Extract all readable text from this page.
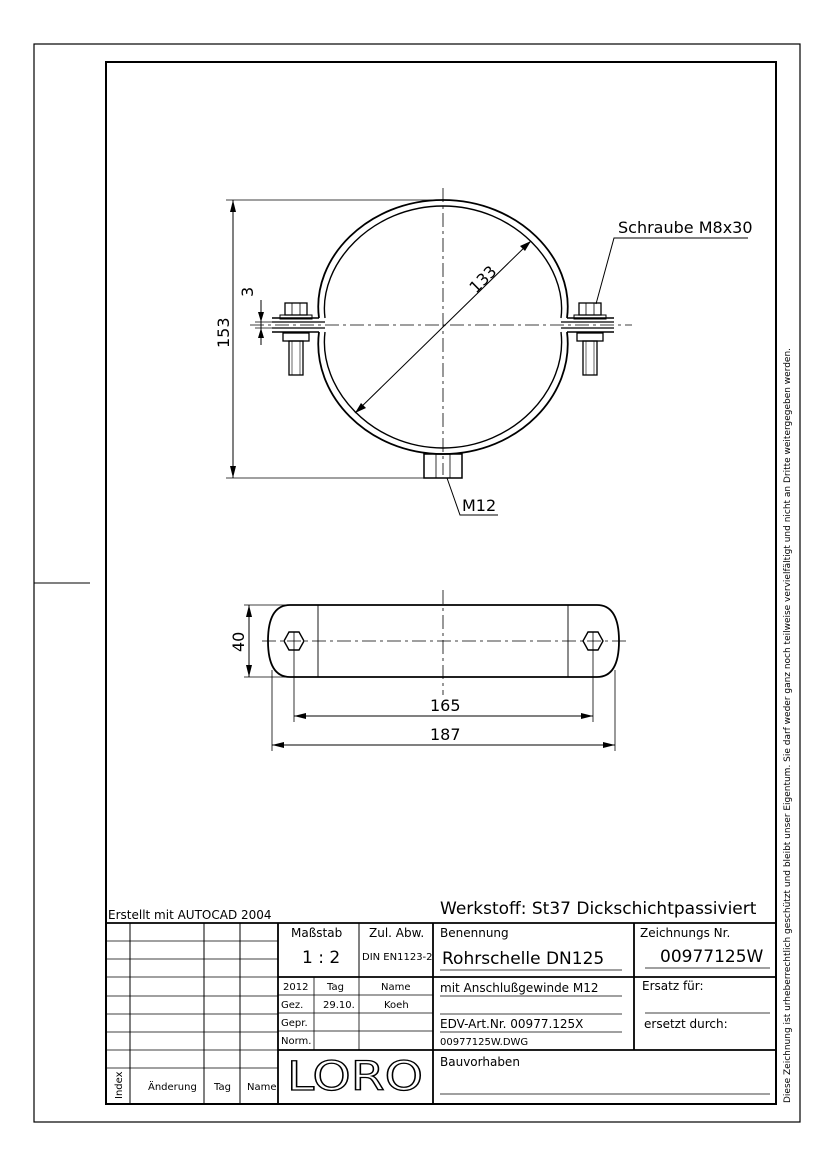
Schraube M8x30
M12
133
153
3
40
165
187
Erstellt mit AUTOCAD 2004	Werkstoff: St37 Dickschichtpassiviert	Diese Zeichnung ist urheberrechtlich geschützt und bleibt unser Eigentum. Sie darf weder ganz noch teilweise vervielfältigt und nicht an Dritte weitergegeben werden.
Index Änderung Tag Name
Maßstab
1 : 2
Zul. Abw.
DIN EN1123-2
2012 Tag	Name
Gez. 29.10.	Koeh
Gepr.
Norm.
LORO
Benennung
Rohrschelle DN125
mit Anschlußgewinde M12
EDV-Art.Nr. 00977.125X
00977125W.DWG
Bauvorhaben
Zeichnungs Nr.
00977125W
Ersatz für:
ersetzt durch:
